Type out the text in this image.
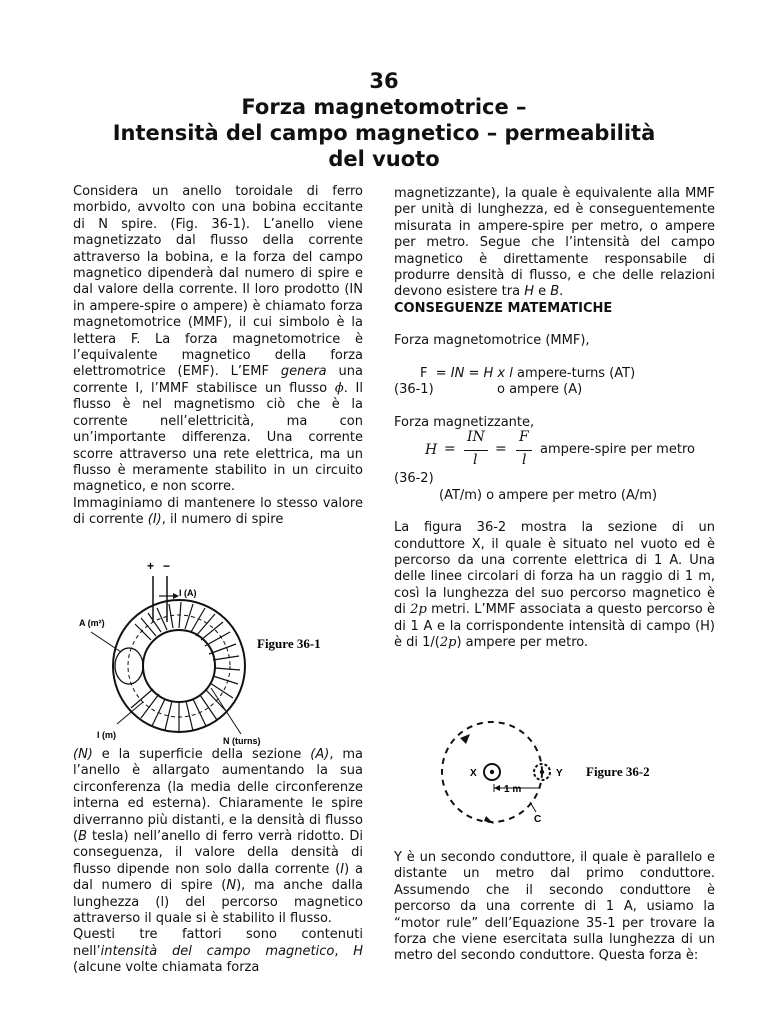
36
Forza magnetomotrice –
Intensità del campo magnetico – permeabilità
del vuoto

Considera un anello toroidale di ferro morbido, avvolto con una bobina eccitante di N spire. (Fig. 36-1). L’anello viene magnetizzato dal flusso della corrente attraverso la bobina, e la forza del campo magnetico dipenderà dal numero di spire e dal valore della corrente. Il loro prodotto (IN in ampere-spire o ampere) è chiamato forza magnetomotrice (MMF), il cui simbolo è la lettera F. La forza magnetomotrice è l’equivalente magnetico della forza elettromotrice (EMF). L’EMF genera una corrente I, l’MMF stabilisce un flusso ϕ. Il flusso è nel magnetismo ciò che è la corrente nell’elettricità, ma con un’importante differenza. Una corrente scorre attraverso una rete elettrica, ma un flusso è meramente stabilito in un circuito magnetico, e non scorre.

Immaginiamo di mantenere lo stesso valore di corrente (I), il numero di spire

+ −
I (A)
A (m²)
l (m)
N (turns)
Figure 36-1

(N) e la superficie della sezione (A), ma l’anello è allargato aumentando la sua circonferenza (la media delle circonferenze interna ed esterna). Chiaramente le spire diverranno più distanti, e la densità di flusso (B tesla) nell’anello di ferro verrà ridotto. Di conseguenza, il valore della densità di flusso dipende non solo dalla corrente (I) a dal numero di spire (N), ma anche dalla lunghezza (l) del percorso magnetico attraverso il quale si è stabilito il flusso.

Questi tre fattori sono contenuti nell’intensità del campo magnetico, H (alcune volte chiamata forza

magnetizzante), la quale è equivalente alla MMF per unità di lunghezza, ed è conseguentemente misurata in ampere-spire per metro, o ampere per metro. Segue che l’intensità del campo magnetico è direttamente responsabile di produrre densità di flusso, e che delle relazioni devono esistere tra H e B.

CONSEGUENZE MATEMATICHE

Forza magnetomotrice (MMF),

F = IN = H x l ampere-turns (AT)

(36-1)	o ampere (A)

Forza magnetizzante,

H =
IN
l
=
F
l
ampere-spire per metro

(36-2)

(AT/m) o ampere per metro (A/m)

La figura 36-2 mostra la sezione di un conduttore X, il quale è situato nel vuoto ed è percorso da una corrente elettrica di 1 A. Una delle linee circolari di forza ha un raggio di 1 m, così la lunghezza del suo percorso magnetico è di 2p metri. L’MMF associata a questo percorso è di 1 A e la corrispondente intensità di campo (H) è di 1/(2p) ampere per metro.

X	Y
1 m
C
Figure 36-2

Y è un secondo conduttore, il quale è parallelo e distante un metro dal primo conduttore. Assumendo che il secondo conduttore è percorso da una corrente di 1 A, usiamo la “motor rule” dell’Equazione 35-1 per trovare la forza che viene esercitata sulla lunghezza di un metro del secondo conduttore. Questa forza è:
